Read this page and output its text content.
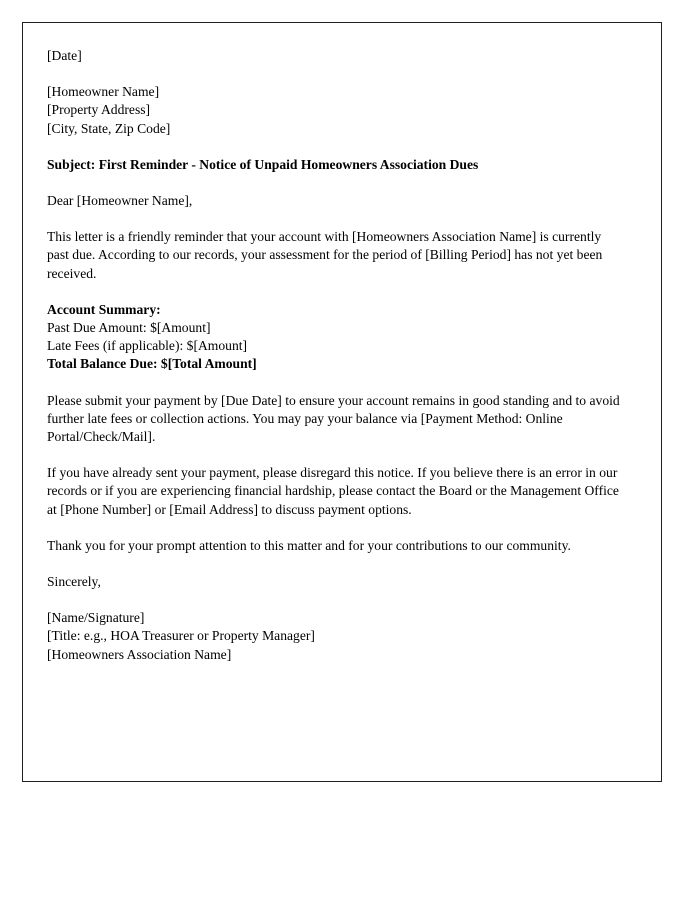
[Date]

[Homeowner Name]

[Property Address]

[City, State, Zip Code]

Subject: First Reminder - Notice of Unpaid Homeowners Association Dues

Dear [Homeowner Name],

This letter is a friendly reminder that your account with [Homeowners Association Name] is currently past due. According to our records, your assessment for the period of [Billing Period] has not yet been received.

Account Summary:

Past Due Amount: $[Amount]

Late Fees (if applicable): $[Amount]

Total Balance Due: $[Total Amount]

Please submit your payment by [Due Date] to ensure your account remains in good standing and to avoid further late fees or collection actions. You may pay your balance via [Payment Method: Online Portal/Check/Mail].

If you have already sent your payment, please disregard this notice. If you believe there is an error in our records or if you are experiencing financial hardship, please contact the Board or the Management Office at [Phone Number] or [Email Address] to discuss payment options.

Thank you for your prompt attention to this matter and for your contributions to our community.

Sincerely,

[Name/Signature]

[Title: e.g., HOA Treasurer or Property Manager]

[Homeowners Association Name]
